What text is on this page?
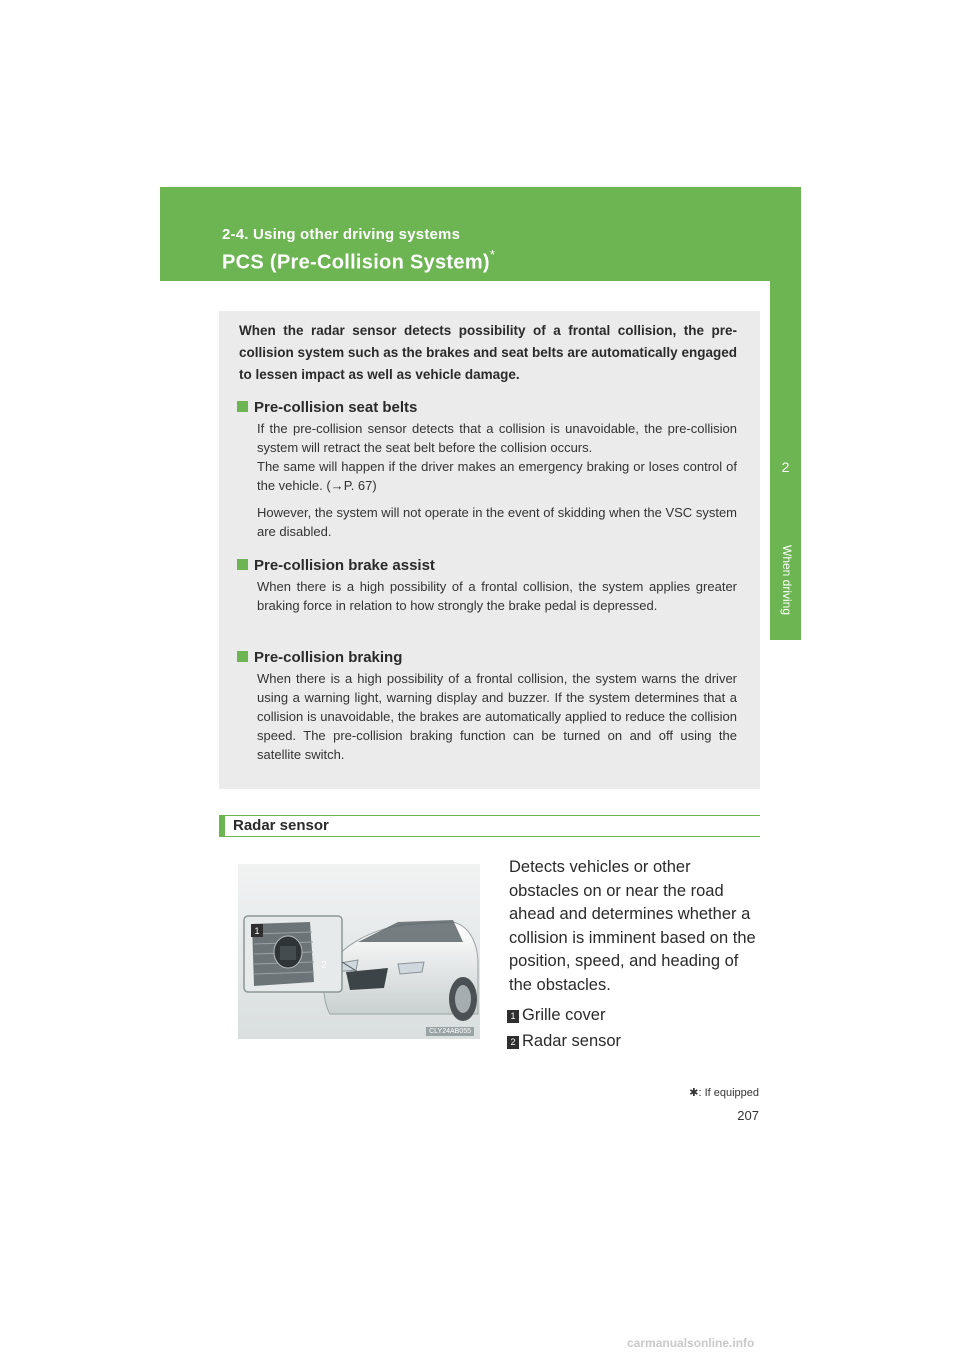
2-4. Using other driving systems
PCS (Pre-Collision System)*
2
When driving
When the radar sensor detects possibility of a frontal collision, the pre-collision system such as the brakes and seat belts are automatically engaged to lessen impact as well as vehicle damage.
Pre-collision seat belts

If the pre-collision sensor detects that a collision is unavoidable, the pre-collision system will retract the seat belt before the collision occurs.

The same will happen if the driver makes an emergency braking or loses control of the vehicle. (→P. 67)

However, the system will not operate in the event of skidding when the VSC system are disabled.

Pre-collision brake assist

When there is a high possibility of a frontal collision, the system applies greater braking force in relation to how strongly the brake pedal is depressed.

Pre-collision braking

When there is a high possibility of a frontal collision, the system warns the driver using a warning light, warning display and buzzer. If the system determines that a collision is unavoidable, the brakes are automatically applied to reduce the collision speed. The pre-collision braking function can be turned on and off using the satellite switch.

Radar sensor
1
2
CLY24AB055
Detects vehicles or other obstacles on or near the road ahead and determines whether a collision is imminent based on the position, speed, and heading of the obstacles.
1 Grille cover
2 Radar sensor
✱: If equipped
207
carmanualsonline.info
